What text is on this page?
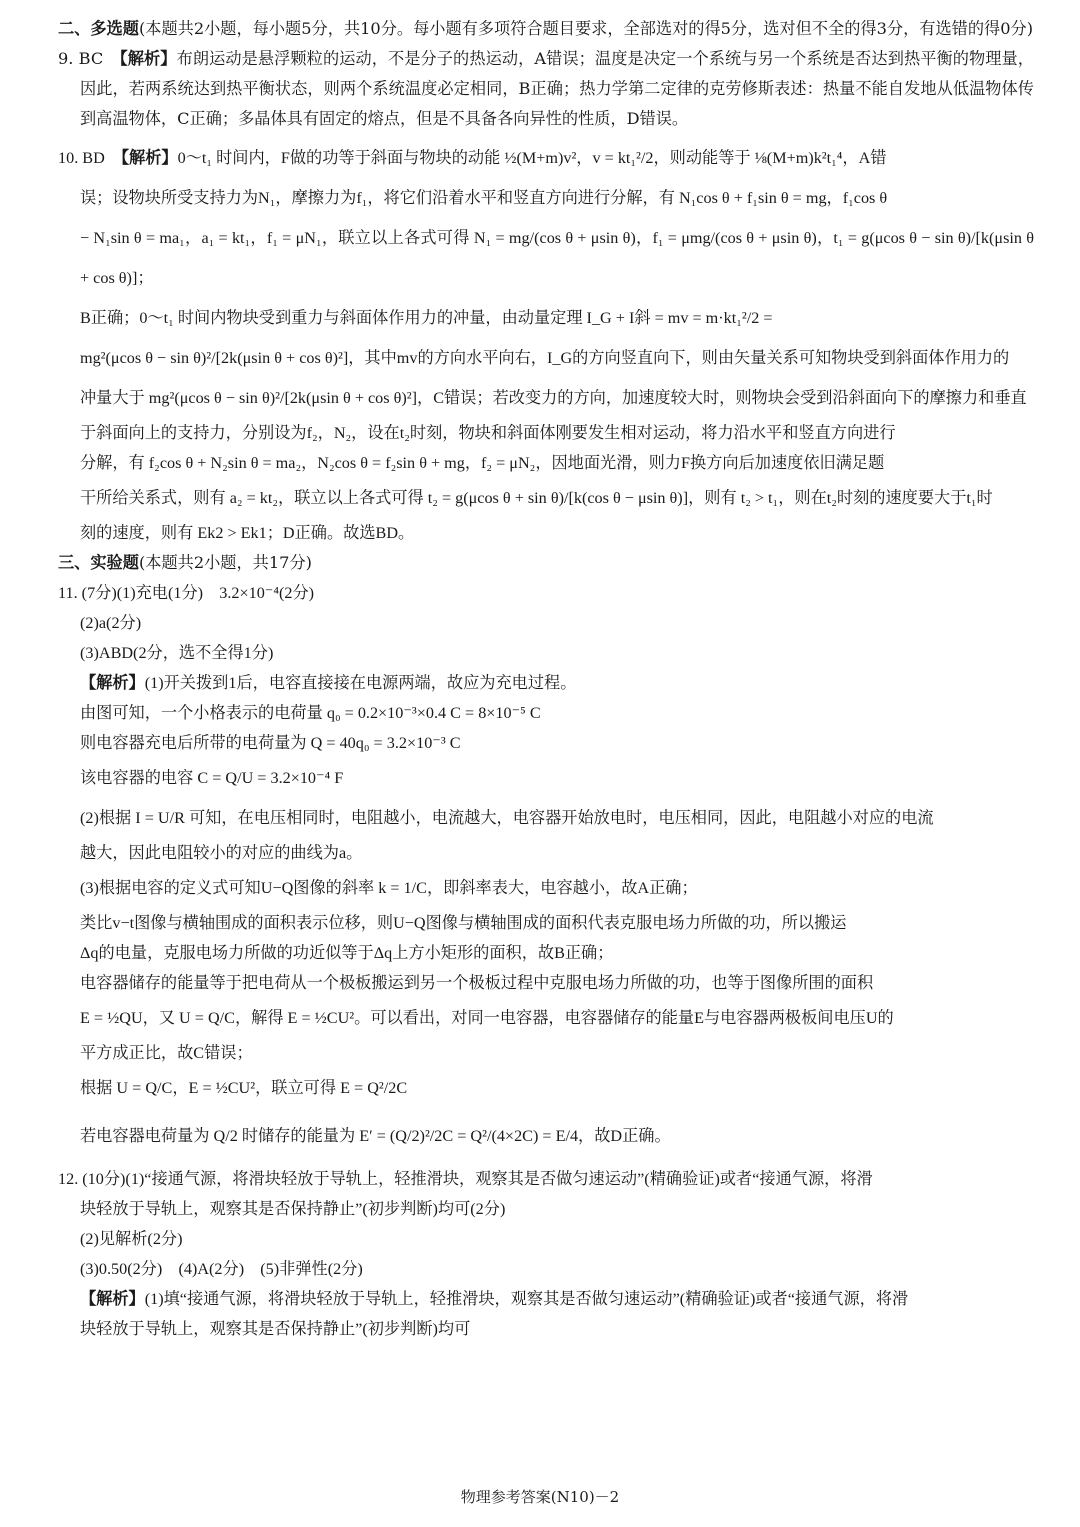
二、多选题(本题共2小题，每小题5分，共10分。每小题有多项符合题目要求，全部选对的得5分，选对但不全的得3分，有选错的得0分)

9. BC　 【解析】布朗运动是悬浮颗粒的运动，不是分子的热运动，A错误；温度是决定一个系统与另一个系统是否达到热平衡的物理量，因此，若两系统达到热平衡状态，则两个系统温度必定相同，B正确；热力学第二定律的克劳修斯表述：热量不能自发地从低温物体传到高温物体，C正确；多晶体具有固定的熔点，但是不具备各向异性的性质，D错误。

10. BD　 【解析】0～t₁ 时间内，F做的功等于斜面与物块的动能 ½(M+m)v²，v = kt₁²/2，则动能等于 ⅛(M+m)k²t₁⁴，A错

误；设物块所受支持力为N₁，摩擦力为f₁，将它们沿着水平和竖直方向进行分解，有 N₁cos θ + f₁sin θ = mg，f₁cos θ

− N₁sin θ = ma₁，a₁ = kt₁，f₁ = μN₁，联立以上各式可得 N₁ = mg/(cos θ + μsin θ)，f₁ = μmg/(cos θ + μsin θ)，t₁ = g(μcos θ − sin θ)/[k(μsin θ + cos θ)]；

B正确；0～t₁ 时间内物块受到重力与斜面体作用力的冲量，由动量定理 I_G + I斜 = mv = m·kt₁²/2 =

mg²(μcos θ − sin θ)²/[2k(μsin θ + cos θ)²]，其中mv的方向水平向右，I_G的方向竖直向下，则由矢量关系可知物块受到斜面体作用力的

冲量大于 mg²(μcos θ − sin θ)²/[2k(μsin θ + cos θ)²]，C错误；若改变力的方向，加速度较大时，则物块会受到沿斜面向下的摩擦力和垂直

于斜面向上的支持力，分别设为f₂，N₂，设在t₂时刻，物块和斜面体刚要发生相对运动，将力沿水平和竖直方向进行

分解，有 f₂cos θ + N₂sin θ = ma₂，N₂cos θ = f₂sin θ + mg，f₂ = μN₂，因地面光滑，则力F换方向后加速度依旧满足题

干所给关系式，则有 a₂ = kt₂，联立以上各式可得 t₂ = g(μcos θ + sin θ)/[k(cos θ − μsin θ)]，则有 t₂ > t₁，则在t₂时刻的速度要大于t₁时

刻的速度，则有 Ek2 > Ek1；D正确。故选BD。

三、实验题(本题共2小题，共17分)

11. (7分)(1)充电(1分)　3.2×10⁻⁴(2分)

(2)a(2分)

(3)ABD(2分，选不全得1分)

【解析】(1)开关拨到1后，电容直接接在电源两端，故应为充电过程。

由图可知，一个小格表示的电荷量 q₀ = 0.2×10⁻³×0.4 C = 8×10⁻⁵ C

则电容器充电后所带的电荷量为 Q = 40q₀ = 3.2×10⁻³ C

该电容器的电容 C = Q/U = 3.2×10⁻⁴ F

(2)根据 I = U/R 可知，在电压相同时，电阻越小，电流越大，电容器开始放电时，电压相同，因此，电阻越小对应的电流

越大，因此电阻较小的对应的曲线为a。

(3)根据电容的定义式可知U−Q图像的斜率 k = 1/C，即斜率表大，电容越小，故A正确；

类比v−t图像与横轴围成的面积表示位移，则U−Q图像与横轴围成的面积代表克服电场力所做的功，所以搬运

Δq的电量，克服电场力所做的功近似等于Δq上方小矩形的面积，故B正确；

电容器储存的能量等于把电荷从一个极板搬运到另一个极板过程中克服电场力所做的功，也等于图像所围的面积

E = ½QU，又 U = Q/C，解得 E = ½CU²。可以看出，对同一电容器，电容器储存的能量E与电容器两极板间电压U的

平方成正比，故C错误；

根据 U = Q/C，E = ½CU²，联立可得 E = Q²/2C

若电容器电荷量为 Q/2 时储存的能量为 E′ = (Q/2)²/2C = Q²/(4×2C) = E/4，故D正确。

12. (10分)(1)“接通气源，将滑块轻放于导轨上，轻推滑块，观察其是否做匀速运动”(精确验证)或者“接通气源，将滑

块轻放于导轨上，观察其是否保持静止”(初步判断)均可(2分)

(2)见解析(2分)

(3)0.50(2分)　(4)A(2分)　(5)非弹性(2分)

【解析】(1)填“接通气源，将滑块轻放于导轨上，轻推滑块，观察其是否做匀速运动”(精确验证)或者“接通气源，将滑

块轻放于导轨上，观察其是否保持静止”(初步判断)均可

物理参考答案(N10)－2
